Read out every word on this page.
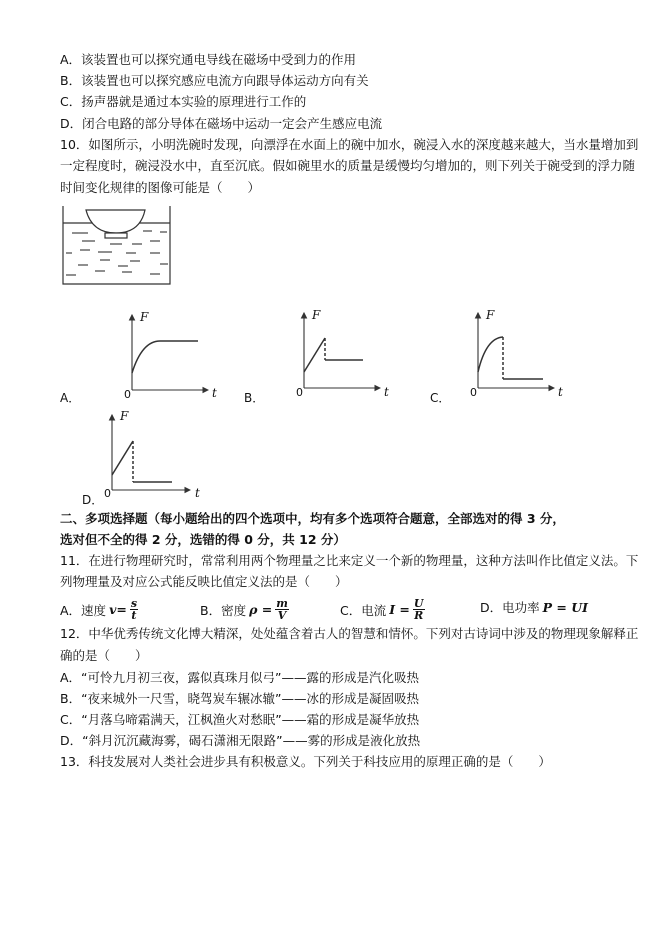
A．该装置也可以探究通电导线在磁场中受到力的作用
B．该装置也可以探究感应电流方向跟导体运动方向有关
C．扬声器就是通过本实验的原理进行工作的
D．闭合电路的部分导体在磁场中运动一定会产生感应电流
10．如图所示，小明洗碗时发现，向漂浮在水面上的碗中加水，碗浸入水的深度越来越大，当水量增加到
一定程度时，碗浸没水中，直至沉底。假如碗里水的质量是缓慢均匀增加的，则下列关于碗受到的浮力随
时间变化规律的图像可能是（　　）
A．	B．	C．
D．
F
0	t
F
0	t
F
0	t
F
0	t
二、多项选择题（每小题给出的四个选项中，均有多个选项符合题意，全部选对的得 3 分，
选对但不全的得 2 分，选错的得 0 分，共 12 分）
11．在进行物理研究时，常常利用两个物理量之比来定义一个新的物理量，这种方法叫作比值定义法。下
列物理量及对应公式能反映比值定义法的是（　　）
A．速度 $v= \frac{s}{t}$	B．密度 $\rho = \frac{m}{V}$	C．电流 $I = \frac{U}{R}$	D．电功率 P = UI
12．中华优秀传统文化博大精深，处处蕴含着古人的智慧和情怀。下列对古诗词中涉及的物理现象解释正
确的是（　　）
A．“可怜九月初三夜，露似真珠月似弓”——露的形成是汽化吸热
B．“夜来城外一尺雪，晓驾炭车辗冰辙”——冰的形成是凝固吸热
C．“月落乌啼霜满天，江枫渔火对愁眠”——霜的形成是凝华放热
D．“斜月沉沉藏海雾，碣石潇湘无限路”——雾的形成是液化放热
13．科技发展对人类社会进步具有积极意义。下列关于科技应用的原理正确的是（　　）
